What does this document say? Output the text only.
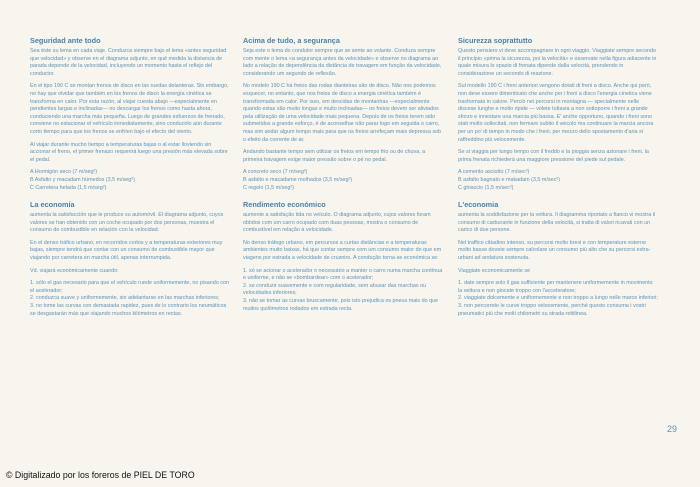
Seguridad ante todo

Sea éste su lema en cada viaje. Conduzca siempre bajo el lema «antes seguridad que velocidad» y observe en el diagrama adjunto, en qué medida la distancia de parada depende de la velocidad, incluyendo un momento hasta el reflejo del conductor.

En el tipo 190 C se montan frenos de disco en las ruedas delanteras. Sin embargo, no hay que olvidar que también en los frenos de disco la energía cinética se transforma en calor. Por esta razón, al viajar cuesta abajo —especialmente en pendientes largas e inclinadas— no descargar los frenos como hasta ahora, conduciendo una marcha más pequeña. Luego de grandes esfuerzos de frenado, conviene no estacionar el vehículo inmediatamente, sino conducirlo aún durante corto tiempo para que los frenos se enfríen bajo el efecto del viento.

Al viajar durante mucho tiempo a temperaturas bajas o al estar lloviendo sin accionar el freno, el primer frenazo requerirá luego una presión más elevada sobre el pedal.

A Hormigón seco (7 m/seg²)
B Asfalto y macadam húmedos (3,5 m/seg²)
C Carretera helada (1,5 m/seg²)
La economía

aumenta la satisfacción que le produce su automóvil. El diagrama adjunto, cuyos valores se han obtenido con un coche ocupado por dos personas, muestra el consumo de combustible en relación con la velocidad.

En el denso tráfico urbano, en recorridos cortos y a temperaturas exteriores muy bajas, siempre tendrá que contar con un consumo de combustible mayor que viajando por carretera en marcha útil, apenas interrumpida.

Vd. viajará económicamente cuando:

1. sólo el gas necesario para que el vehículo ruede uniformemente, no pisando con el acelerador;
2. conduzca suave y uniformemente, sin adelantarse en las marchas inferiores;
3. no tome las curvas con demasiada rapidez, pues de lo contrario los neumáticos se desgastarán más que viajando muchos kilómetros en rectas.
Acima de tudo, a segurança

Seja este o lema do condutor sempre que se sente ao volante. Conduza sempre com mente o lema «a segurança antes da velocidade» e observe no diagrama ao lado a relação de dependência da distância de travagem em função da velocidade, considerando um segundo de reflexão.

No modelo 190 C há freios das rodas dianteiras são de disco. Não nos podemos esquecer, no entanto, que nos freios de disco a energia cinética também é transformada em calor. Por isso, em descidas de montanhas —especialmente quando estas são muito longas e muito inclinadas— os freios devem ser aliviados pela utilização de uma velocidade mais pequena. Depois de os freios terem sido submetidos a grande esforço, é de aconselhar não parar logo em seguida o carro, mas sim andar algum tempo mais para que os freios arrefeçam mais depressa sob o efeito da corrente de ar.

Andando bastante tempo sem utilizar os freios em tempo frio ou de chuva, a primeira travagem exige maior pressão sobre o pé no pedal.

A concreto seco (7 m/seg²)
B asfalto e macadame molhados (3,5 m/seg²)
C regelo (1,5 m/seg²)
Rendimento económico

aumente a satisfação tida no veículo. O diagrama adjunto, cujos valores foram obtidos com um carro ocupado com duas pessoas, mostra o consumo de combustível em relação à velocidade.

No denso tráfego urbano, em percursos a curtas distâncias e a temperaturas ambientes muito baixas, há que contar sempre com um consumo maior do que em viagens por estrada a velocidade de cruzeiro. A condução torna-se económica se:

1. só se acionar o acelerador o necessário a manter o carro numa marcha contínua e uniforme, e não se «bombardear» com o acelerador;
2. se conduzir suavemente e com regularidade, sem abusar das marchas ou velocidades inferiores;
3. não se tomar as curvas bruscamente, pois isto prejudica os pneus mais do que muitos quilómetros rodados em estrada recta.
Sicurezza soprattutto

Questo pensiero vi deve accompagnare in ogni viaggio. Viaggiate sempre secondo il principio «prima la sicurezza, poi la velocità» e osservate nella figura adiacente in quale misura lo spazio di frenata dipende dalla velocità, prendendo in considerazione un secondo di reazione.

Sul modello 190 C i freni anteriori vengono dotati di freni a disco. Anche qui però, non deve essere dimenticato che anche per i freni a disco l'energia cinetica viene trasformata in calore. Perciò nei percorsi in montagna — specialmente nelle discese lunghe e molto ripide — volete tuttavia a non sottoporre i freni a grande sforzo e innestare una marcia più bassa. E' anche opportuno, quando i freni sono stati molto sollecitati, non fermare subito il veicolo ma continuare la marcia ancora per un po' di tempo in modo che i freni, per mezzo dello spostamento d'aria si raffreddino più velocemente.

Se si viaggia per lungo tempo con il freddo e la pioggia senza azionare i freni, la prima frenata richiederà una maggiore pressione del piede sul pedale.

A cemento asciutto (7 m/sec²)
B asfalto bagnato e makadam (3,5 m/sec²)
C ghiaccio (1,5 m/sec²)
L'economia

aumenta la soddisfazione per la vettura. Il diagramma riportato a fianco vi mostra il consumo di carburante in funzione della velocità, si tratta di valori ricavati con un carico di due persone.

Nel traffico cittadino intenso, su percorsi molto brevi e con temperature esterne molto basse dovete sempre calcolare un consumo più alto che su percorsi extra-urbani ad andatura sostenuta.

Viaggiate economicamente se

1. date sempre solo il gas sufficiente per mantenere uniformemente in movimento la vettura e non giocate troppo con l'acceleratore;
2. viaggiate dolcemente e uniformemente e non troppo a lungo nelle marce inferiori;
3. non percorrete le curve troppo velocemente, perché questo consuma i vostri pneumatici più che molti chilometri su strada rettilinea.
29
© Digitalizado por los foreros de PIEL DE TORO
